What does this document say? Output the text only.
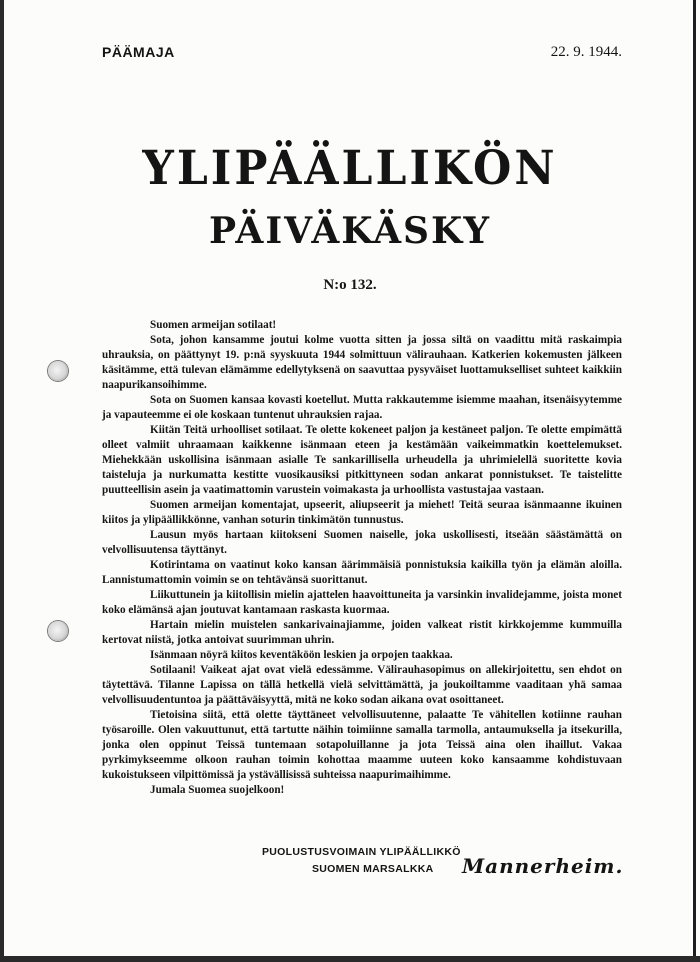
PÄÄMAJA	22. 9. 1944.
YLIPÄÄLLIKÖN
PÄIVÄKÄSKY
N:o 132.

Suomen armeijan sotilaat!

Sota, johon kansamme joutui kolme vuotta sitten ja jossa siltä on vaadittu mitä raskaimpia uhrauksia, on päättynyt 19. p:nä syyskuuta 1944 solmittuun välirauhaan. Katkerien kokemusten jälkeen käsitämme, että tulevan elämämme edellytyksenä on saavuttaa pysyväiset luottamukselliset suhteet kaikkiin naapurikansoihimme.

Sota on Suomen kansaa kovasti koetellut. Mutta rakkautemme isiemme maahan, itsenäisyytemme ja vapauteemme ei ole koskaan tuntenut uhrauksien rajaa.

Kiitän Teitä urhoolliset sotilaat. Te olette kokeneet paljon ja kestäneet paljon. Te olette empimättä olleet valmiit uhraamaan kaikkenne isänmaan eteen ja kestämään vaikeimmatkin koettelemukset. Miehekkään uskollisina isänmaan asialle Te sankarillisella urheudella ja uhrimielellä suoritette kovia taisteluja ja nurkumatta kestitte vuosikausiksi pitkittyneen sodan ankarat ponnistukset. Te taistelitte puutteellisin asein ja vaatimattomin varustein voimakasta ja urhoollista vastustajaa vastaan.

Suomen armeijan komentajat, upseerit, aliupseerit ja miehet! Teitä seuraa isänmaanne ikuinen kiitos ja ylipäällikkönne, vanhan soturin tinkimätön tunnustus.

Lausun myös hartaan kiitokseni Suomen naiselle, joka uskollisesti, itseään säästämättä on velvollisuutensa täyttänyt.

Kotirintama on vaatinut koko kansan äärimmäisiä ponnistuksia kaikilla työn ja elämän aloilla. Lannistumattomin voimin se on tehtävänsä suorittanut.

Liikuttunein ja kiitollisin mielin ajattelen haavoittuneita ja varsinkin invalidejamme, joista monet koko elämänsä ajan joutuvat kantamaan raskasta kuormaa.

Hartain mielin muistelen sankarivainajiamme, joiden valkeat ristit kirkkojemme kummuilla kertovat niistä, jotka antoivat suurimman uhrin.

Isänmaan nöyrä kiitos keventäköön leskien ja orpojen taakkaa.

Sotilaani! Vaikeat ajat ovat vielä edessämme. Välirauhasopimus on allekirjoitettu, sen ehdot on täytettävä. Tilanne Lapissa on tällä hetkellä vielä selvittämättä, ja joukoiltamme vaaditaan yhä samaa velvollisuudentuntoa ja päättäväisyyttä, mitä ne koko sodan aikana ovat osoittaneet.

Tietoisina siitä, että olette täyttäneet velvollisuutenne, palaatte Te vähitellen kotiinne rauhan työsaroille. Olen vakuuttunut, että tartutte näihin toimiinne samalla tarmolla, antaumuksella ja itsekurilla, jonka olen oppinut Teissä tuntemaan sotapoluillanne ja jota Teissä aina olen ihaillut. Vakaa pyrkimykseemme olkoon rauhan toimin kohottaa maamme uuteen koko kansaamme kohdistuvaan kukoistukseen vilpittömissä ja ystävällisissä suhteissa naapurimaihimme.

Jumala Suomea suojelkoon!

PUOLUSTUSVOIMAIN YLIPÄÄLLIKKÖ
SUOMEN MARSALKKA Mannerheim.
